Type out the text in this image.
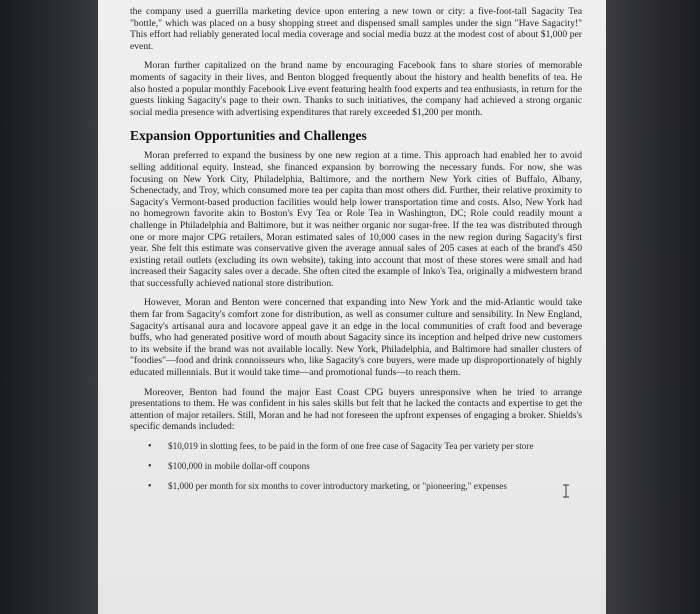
the company used a guerrilla marketing device upon entering a new town or city: a five-foot-tall Sagacity Tea "bottle," which was placed on a busy shopping street and dispensed small samples under the sign "Have Sagacity!" This effort had reliably generated local media coverage and social media buzz at the modest cost of about $1,000 per event.

Moran further capitalized on the brand name by encouraging Facebook fans to share stories of memorable moments of sagacity in their lives, and Benton blogged frequently about the history and health benefits of tea. He also hosted a popular monthly Facebook Live event featuring health food experts and tea enthusiasts, in return for the guests linking Sagacity's page to their own. Thanks to such initiatives, the company had achieved a strong organic social media presence with advertising expenditures that rarely exceeded $1,200 per month.

Expansion Opportunities and Challenges

Moran preferred to expand the business by one new region at a time. This approach had enabled her to avoid selling additional equity. Instead, she financed expansion by borrowing the necessary funds. For now, she was focusing on New York City, Philadelphia, Baltimore, and the northern New York cities of Buffalo, Albany, Schenectady, and Troy, which consumed more tea per capita than most others did. Further, their relative proximity to Sagacity's Vermont-based production facilities would help lower transportation time and costs. Also, New York had no homegrown favorite akin to Boston's Evy Tea or Role Tea in Washington, DC; Role could readily mount a challenge in Philadelphia and Baltimore, but it was neither organic nor sugar-free. If the tea was distributed through one or more major CPG retailers, Moran estimated sales of 10,000 cases in the new region during Sagacity's first year. She felt this estimate was conservative given the average annual sales of 205 cases at each of the brand's 450 existing retail outlets (excluding its own website), taking into account that most of these stores were small and had increased their Sagacity sales over a decade. She often cited the example of Inko's Tea, originally a midwestern brand that successfully achieved national store distribution.

However, Moran and Benton were concerned that expanding into New York and the mid-Atlantic would take them far from Sagacity's comfort zone for distribution, as well as consumer culture and sensibility. In New England, Sagacity's artisanal aura and locavore appeal gave it an edge in the local communities of craft food and beverage buffs, who had generated positive word of mouth about Sagacity since its inception and helped drive new customers to its website if the brand was not available locally. New York, Philadelphia, and Baltimore had smaller clusters of "foodies"—food and drink connoisseurs who, like Sagacity's core buyers, were made up disproportionately of highly educated millennials. But it would take time—and promotional funds—to reach them.

Moreover, Benton had found the major East Coast CPG buyers unresponsive when he tried to arrange presentations to them. He was confident in his sales skills but felt that he lacked the contacts and expertise to get the attention of major retailers. Still, Moran and he had not foreseen the upfront expenses of engaging a broker. Shields's specific demands included:

• $10,019 in slotting fees, to be paid in the form of one free case of Sagacity Tea per variety per store
• $100,000 in mobile dollar-off coupons
• $1,000 per month for six months to cover introductory marketing, or "pioneering," expenses
